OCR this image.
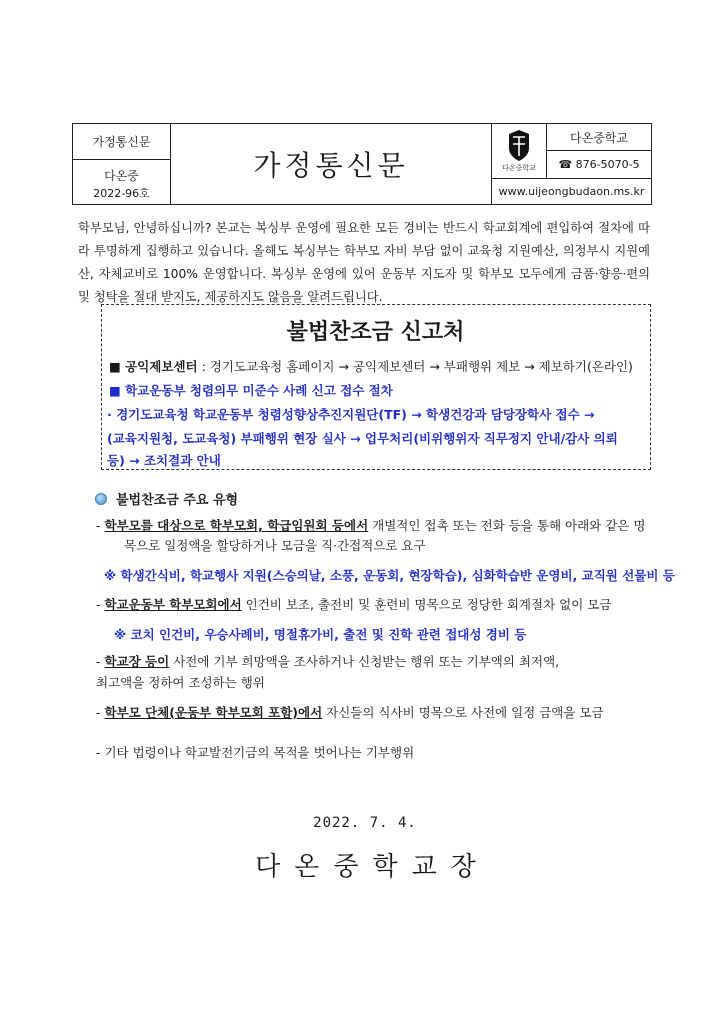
가정통신문
다온중
2022-96호
가정통신문	다온중학교
다온중학교
☎ 876-5070-5
www.uijeongbudaon.ms.kr
학부모님, 안녕하십니까? 본교는 복싱부 운영에 필요한 모든 경비는 반드시 학교회계에 편입하여 절차에 따라 투명하게 집행하고 있습니다. 올해도 복싱부는 학부모 자비 부담 없이 교육청 지원예산, 의정부시 지원예산, 자체교비로 100% 운영합니다. 복싱부 운영에 있어 운동부 지도자 및 학부모 모두에게 금품·향응·편의 및 청탁을 절대 받지도, 제공하지도 않음을 알려드립니다.
불법찬조금 신고처
■ 공익제보센터 : 경기도교육청 홈페이지 → 공익제보센터 → 부패행위 제보 → 제보하기(온라인)
■ 학교운동부 청렴의무 미준수 사례 신고 접수 절차
· 경기도교육청 학교운동부 청렴성향상추진지원단(TF) → 학생건강과 담당장학사 접수 →
(교육지원청, 도교육청) 부패행위 현장 실사 → 업무처리(비위행위자 직무정지 안내/감사 의뢰
등) → 조치결과 안내
불법찬조금 주요 유형
- 학부모를 대상으로 학부모회, 학급임원회 등에서 개별적인 접촉 또는 전화 등을 통해 아래와 같은 명
목으로 일정액을 할당하거나 모금을 직·간접적으로 요구
※ 학생간식비, 학교행사 지원(스승의날, 소풍, 운동회, 현장학습), 심화학습반 운영비, 교직원 선물비 등
- 학교운동부 학부모회에서 인건비 보조, 출전비 및 훈련비 명목으로 정당한 회계절차 없이 모금
※ 코치 인건비, 우승사례비, 명절휴가비, 출전 및 진학 관련 접대성 경비 등
- 학교장 등이 사전에 기부 희망액을 조사하거나 신청받는 행위 또는 기부액의 최저액,
최고액을 정하여 조성하는 행위
- 학부모 단체(운동부 학부모회 포함)에서 자신들의 식사비 명목으로 사전에 일정 금액을 모금
- 기타 법령이나 학교발전기금의 목적을 벗어나는 기부행위
2022. 7. 4.
다온중학교장
